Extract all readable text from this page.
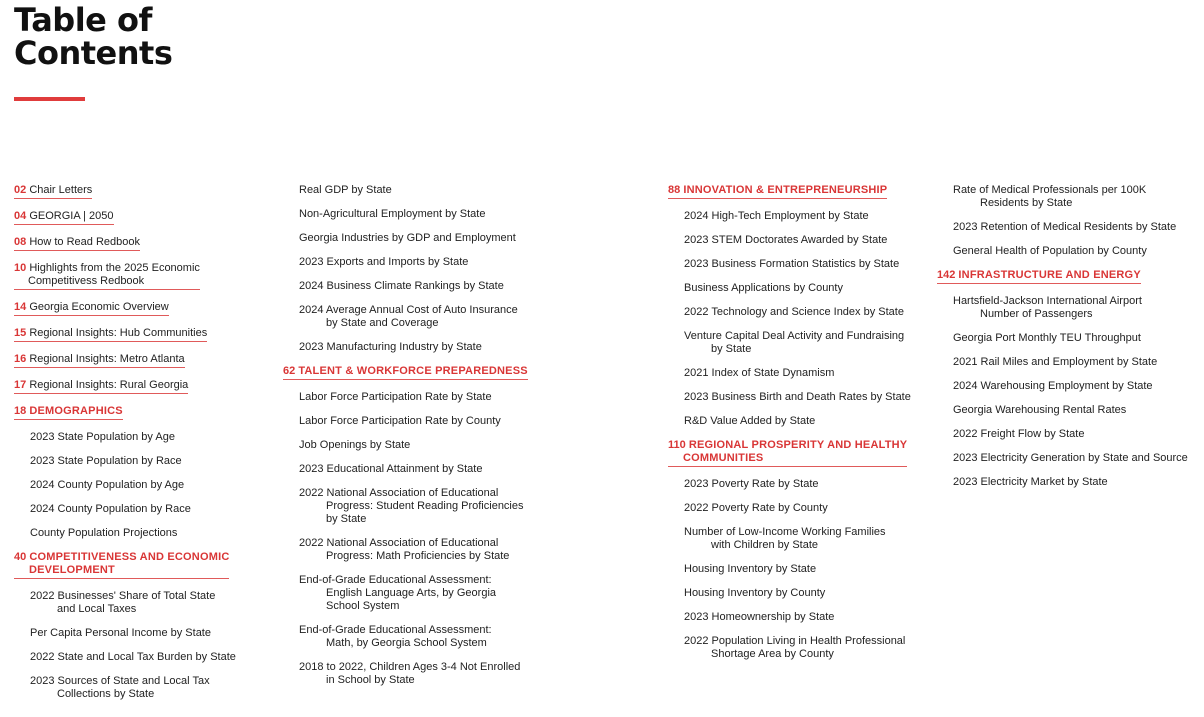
Table of
Contents
02 Chair Letters
04 GEORGIA | 2050
08 How to Read Redbook
10 Highlights from the 2025 Economic
Competitivess Redbook
14 Georgia Economic Overview
15 Regional Insights: Hub Communities
16 Regional Insights: Metro Atlanta
17 Regional Insights: Rural Georgia
18 DEMOGRAPHICS
2023 State Population by Age
2023 State Population by Race
2024 County Population by Age
2024 County Population by Race
County Population Projections
40 COMPETITIVENESS AND ECONOMIC
DEVELOPMENT
2022 Businesses' Share of Total State
and Local Taxes
Per Capita Personal Income by State
2022 State and Local Tax Burden by State
2023 Sources of State and Local Tax
Collections by State
Real GDP by State
Non-Agricultural Employment by State
Georgia Industries by GDP and Employment
2023 Exports and Imports by State
2024 Business Climate Rankings by State
2024 Average Annual Cost of Auto Insurance
by State and Coverage
2023 Manufacturing Industry by State
62 TALENT & WORKFORCE PREPAREDNESS
Labor Force Participation Rate by State
Labor Force Participation Rate by County
Job Openings by State
2023 Educational Attainment by State
2022 National Association of Educational
Progress: Student Reading Proficiencies
by State
2022 National Association of Educational
Progress: Math Proficiencies by State
End-of-Grade Educational Assessment:
English Language Arts, by Georgia
School System
End-of-Grade Educational Assessment:
Math, by Georgia School System
2018 to 2022, Children Ages 3-4 Not Enrolled
in School by State
88 INNOVATION & ENTREPRENEURSHIP
2024 High-Tech Employment by State
2023 STEM Doctorates Awarded by State
2023 Business Formation Statistics by State
Business Applications by County
2022 Technology and Science Index by State
Venture Capital Deal Activity and Fundraising
by State
2021 Index of State Dynamism
2023 Business Birth and Death Rates by State
R&D Value Added by State
110 REGIONAL PROSPERITY AND HEALTHY
COMMUNITIES
2023 Poverty Rate by State
2022 Poverty Rate by County
Number of Low-Income Working Families
with Children by State
Housing Inventory by State
Housing Inventory by County
2023 Homeownership by State
2022 Population Living in Health Professional
Shortage Area by County
Rate of Medical Professionals per 100K
Residents by State
2023 Retention of Medical Residents by State
General Health of Population by County
142 INFRASTRUCTURE AND ENERGY
Hartsfield-Jackson International Airport
Number of Passengers
Georgia Port Monthly TEU Throughput
2021 Rail Miles and Employment by State
2024 Warehousing Employment by State
Georgia Warehousing Rental Rates
2022 Freight Flow by State
2023 Electricity Generation by State and Source
2023 Electricity Market by State
